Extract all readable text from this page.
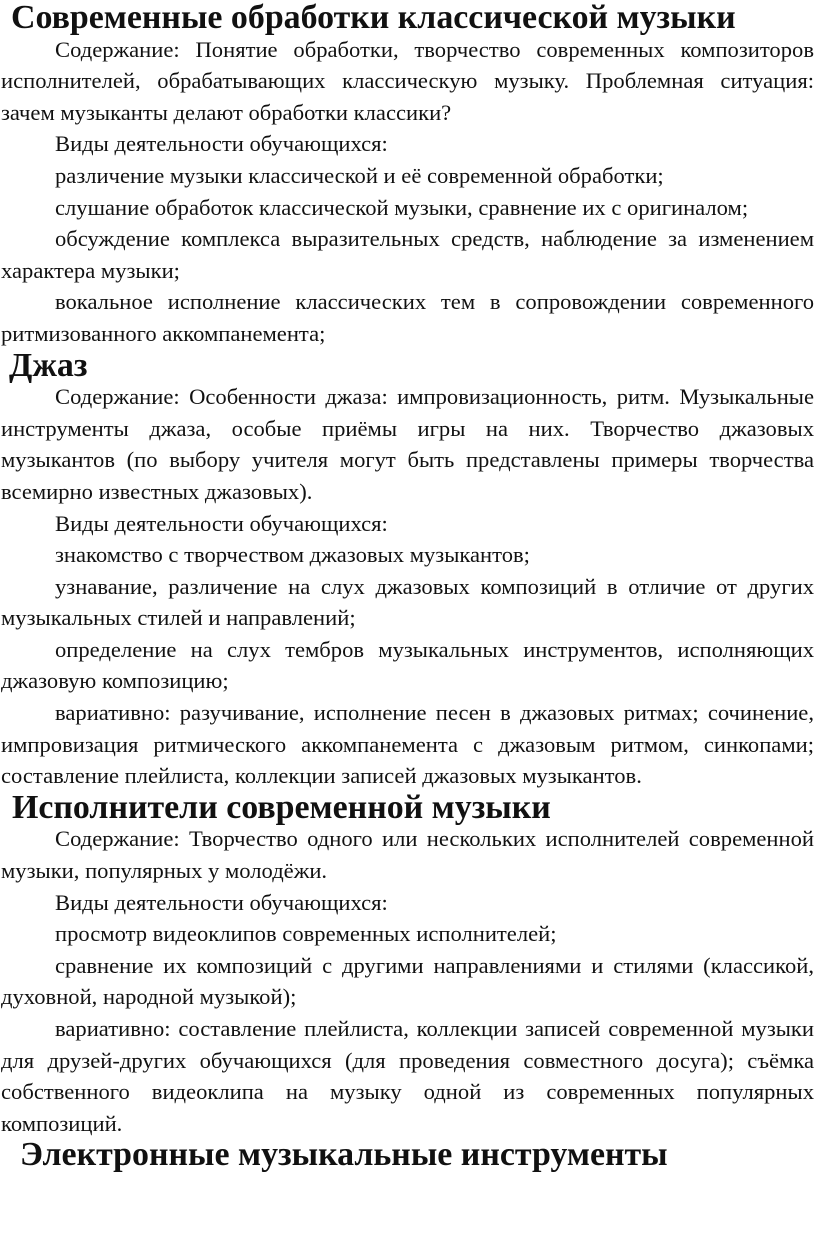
Современные обработки классической музыки

Содержание: Понятие обработки, творчество современных композиторов исполнителей, обрабатывающих классическую музыку. Проблемная ситуация: зачем музыканты делают обработки классики?

Виды деятельности обучающихся:

различение музыки классической и её современной обработки;

слушание обработок классической музыки, сравнение их с оригиналом;

обсуждение комплекса выразительных средств, наблюдение за изменением характера музыки;

вокальное исполнение классических тем в сопровождении современного ритмизованного аккомпанемента;

Джаз

Содержание: Особенности джаза: импровизационность, ритм. Музыкальные инструменты джаза, особые приёмы игры на них. Творчество джазовых музыкантов (по выбору учителя могут быть представлены примеры творчества всемирно известных джазовых).

Виды деятельности обучающихся:

знакомство с творчеством джазовых музыкантов;

узнавание, различение на слух джазовых композиций в отличие от других музыкальных стилей и направлений;

определение на слух тембров музыкальных инструментов, исполняющих джазовую композицию;

вариативно: разучивание, исполнение песен в джазовых ритмах; сочинение, импровизация ритмического аккомпанемента с джазовым ритмом, синкопами; составление плейлиста, коллекции записей джазовых музыкантов.

Исполнители современной музыки

Содержание: Творчество одного или нескольких исполнителей современной музыки, популярных у молодёжи.

Виды деятельности обучающихся:

просмотр видеоклипов современных исполнителей;

сравнение их композиций с другими направлениями и стилями (классикой, духовной, народной музыкой);

вариативно: составление плейлиста, коллекции записей современной музыки для друзей-других обучающихся (для проведения совместного досуга); съёмка собственного видеоклипа на музыку одной из современных популярных композиций.

Электронные музыкальные инструменты
